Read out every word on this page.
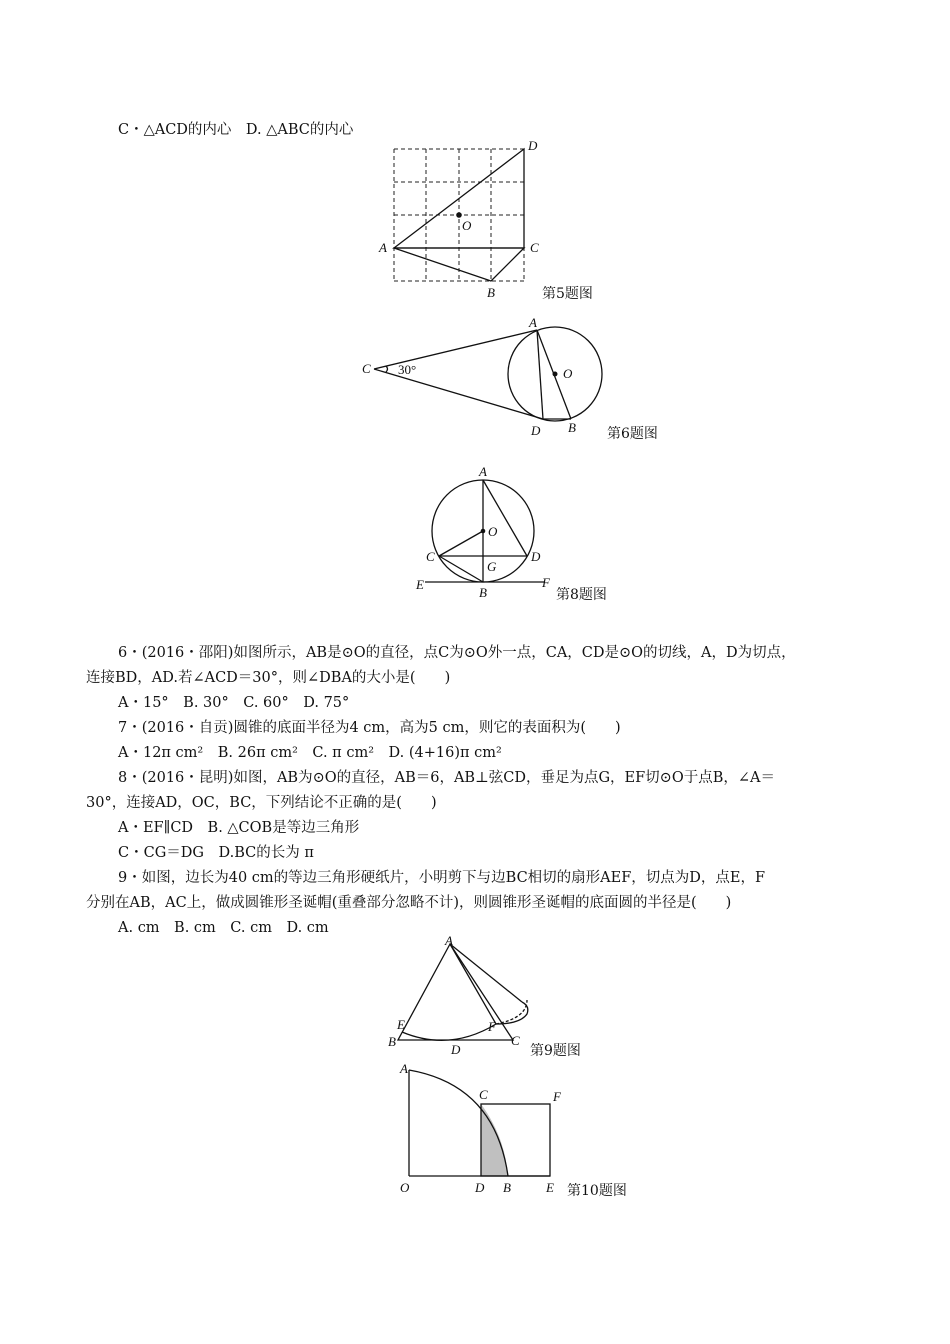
C・△ACD的内心　D. △ABC的内心
D
O
A	C
B	第5题图
A
C 30°	O
D B 第6题图
A
O
C	D
G
E
B
F
第8题图
6・(2016・邵阳)如图所示，AB是⊙O的直径，点C为⊙O外一点，CA，CD是⊙O的切线，A，D为切点，
连接BD，AD.若∠ACD＝30°，则∠DBA的大小是(　　)
A・15°　B. 30°　C. 60°　D. 75°
7・(2016・自贡)圆锥的底面半径为4 cm，高为5 cm，则它的表面积为(　　)
A・12π cm²　B. 26π cm²　C. π cm²　D. (4+16)π cm²
8・(2016・昆明)如图，AB为⊙O的直径，AB＝6，AB⊥弦CD，垂足为点G，EF切⊙O于点B，∠A＝
30°，连接AD，OC，BC，下列结论不正确的是(　　)
A・EF∥CD　B. △COB是等边三角形
C・CG＝DG　D.BC的长为 π
9・如图，边长为40 cm的等边三角形硬纸片，小明剪下与边BC相切的扇形AEF，切点为D，点E，F
分别在AB，AC上，做成圆锥形圣诞帽(重叠部分忽略不计)，则圆锥形圣诞帽的底面圆的半径是(　　)
A. cm　B. cm　C. cm　D. cm
A
E	F
B
D
C
第9题图
A
C	F
O	D B	E 第10题图
